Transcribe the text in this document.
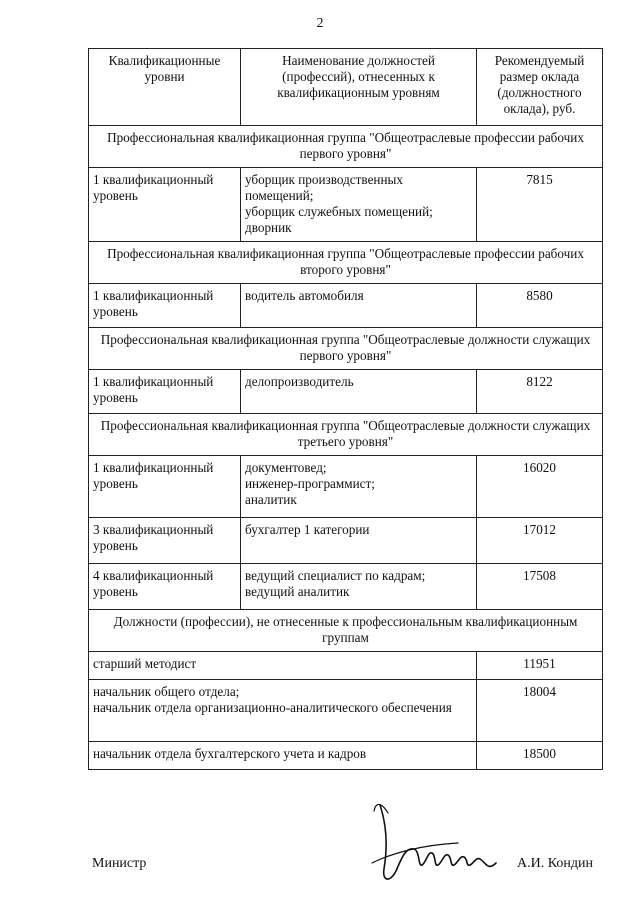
2
Квалификационные
уровни	Наименование должностей
(профессий), отнесенных к
квалификационным уровням	Рекомендуемый
размер оклада
(должностного
оклада), руб.
Профессиональная квалификационная группа "Общеотраслевые профессии рабочих первого уровня"		
1 квалификационный уровень	уборщик производственных помещений;
уборщик служебных помещений;
дворник	7815
Профессиональная квалификационная группа "Общеотраслевые профессии рабочих второго уровня"		
1 квалификационный уровень	водитель автомобиля	8580
Профессиональная квалификационная группа "Общеотраслевые должности служащих первого уровня"		
1 квалификационный уровень	делопроизводитель	8122
Профессиональная квалификационная группа "Общеотраслевые должности служащих третьего уровня"		
1 квалификационный уровень	документовед;
инженер-программист;
аналитик	16020
3 квалификационный уровень	бухгалтер 1 категории	17012
4 квалификационный уровень	ведущий специалист по кадрам;
ведущий аналитик	17508
Должности (профессии), не отнесенные к профессиональным квалификационным группам		
старший методист		11951
начальник общего отдела;
начальник отдела организационно-аналитического обеспечения		18004
начальник отдела бухгалтерского учета и кадров		18500
Министр	А.И. Кондин
